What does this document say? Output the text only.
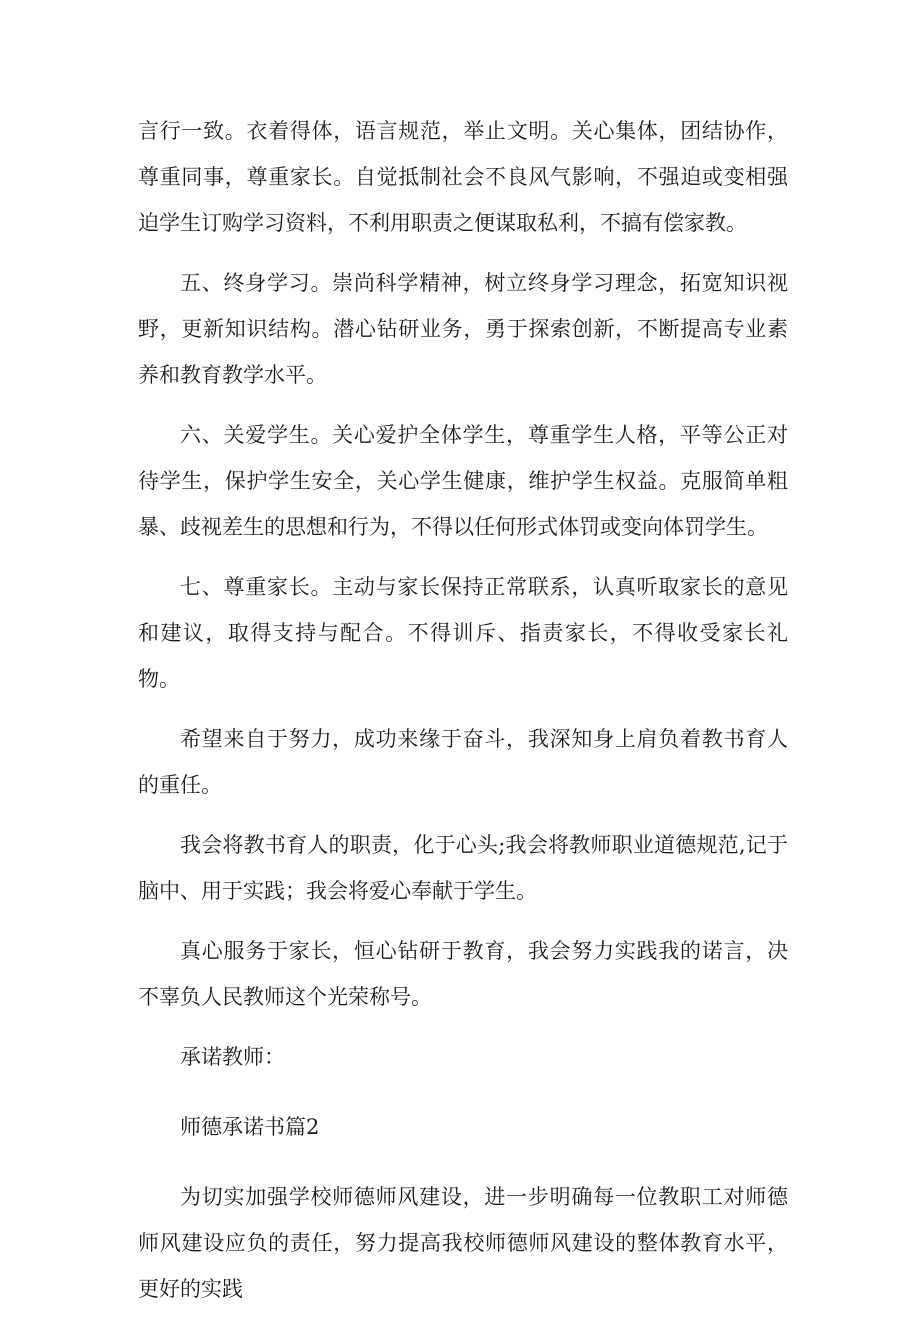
言行一致。衣着得体，语言规范，举止文明。关心集体，团结协作，尊重同事，尊重家长。自觉抵制社会不良风气影响，不强迫或变相强迫学生订购学习资料，不利用职责之便谋取私利，不搞有偿家教。

五、终身学习。崇尚科学精神，树立终身学习理念，拓宽知识视野，更新知识结构。潜心钻研业务，勇于探索创新，不断提高专业素养和教育教学水平。

六、关爱学生。关心爱护全体学生，尊重学生人格，平等公正对待学生，保护学生安全，关心学生健康，维护学生权益。克服简单粗暴、歧视差生的思想和行为，不得以任何形式体罚或变向体罚学生。

七、尊重家长。主动与家长保持正常联系，认真听取家长的意见和建议，取得支持与配合。不得训斥、指责家长，不得收受家长礼物。

希望来自于努力，成功来缘于奋斗，我深知身上肩负着教书育人的重任。

我会将教书育人的职责，化于心头;我会将教师职业道德规范,记于脑中、用于实践；我会将爱心奉献于学生。

真心服务于家长，恒心钻研于教育，我会努力实践我的诺言，决不辜负人民教师这个光荣称号。

承诺教师：

师德承诺书篇2

为切实加强学校师德师风建设，进一步明确每一位教职工对师德师风建设应负的责任，努力提高我校师德师风建设的整体教育水平，更好的实践
